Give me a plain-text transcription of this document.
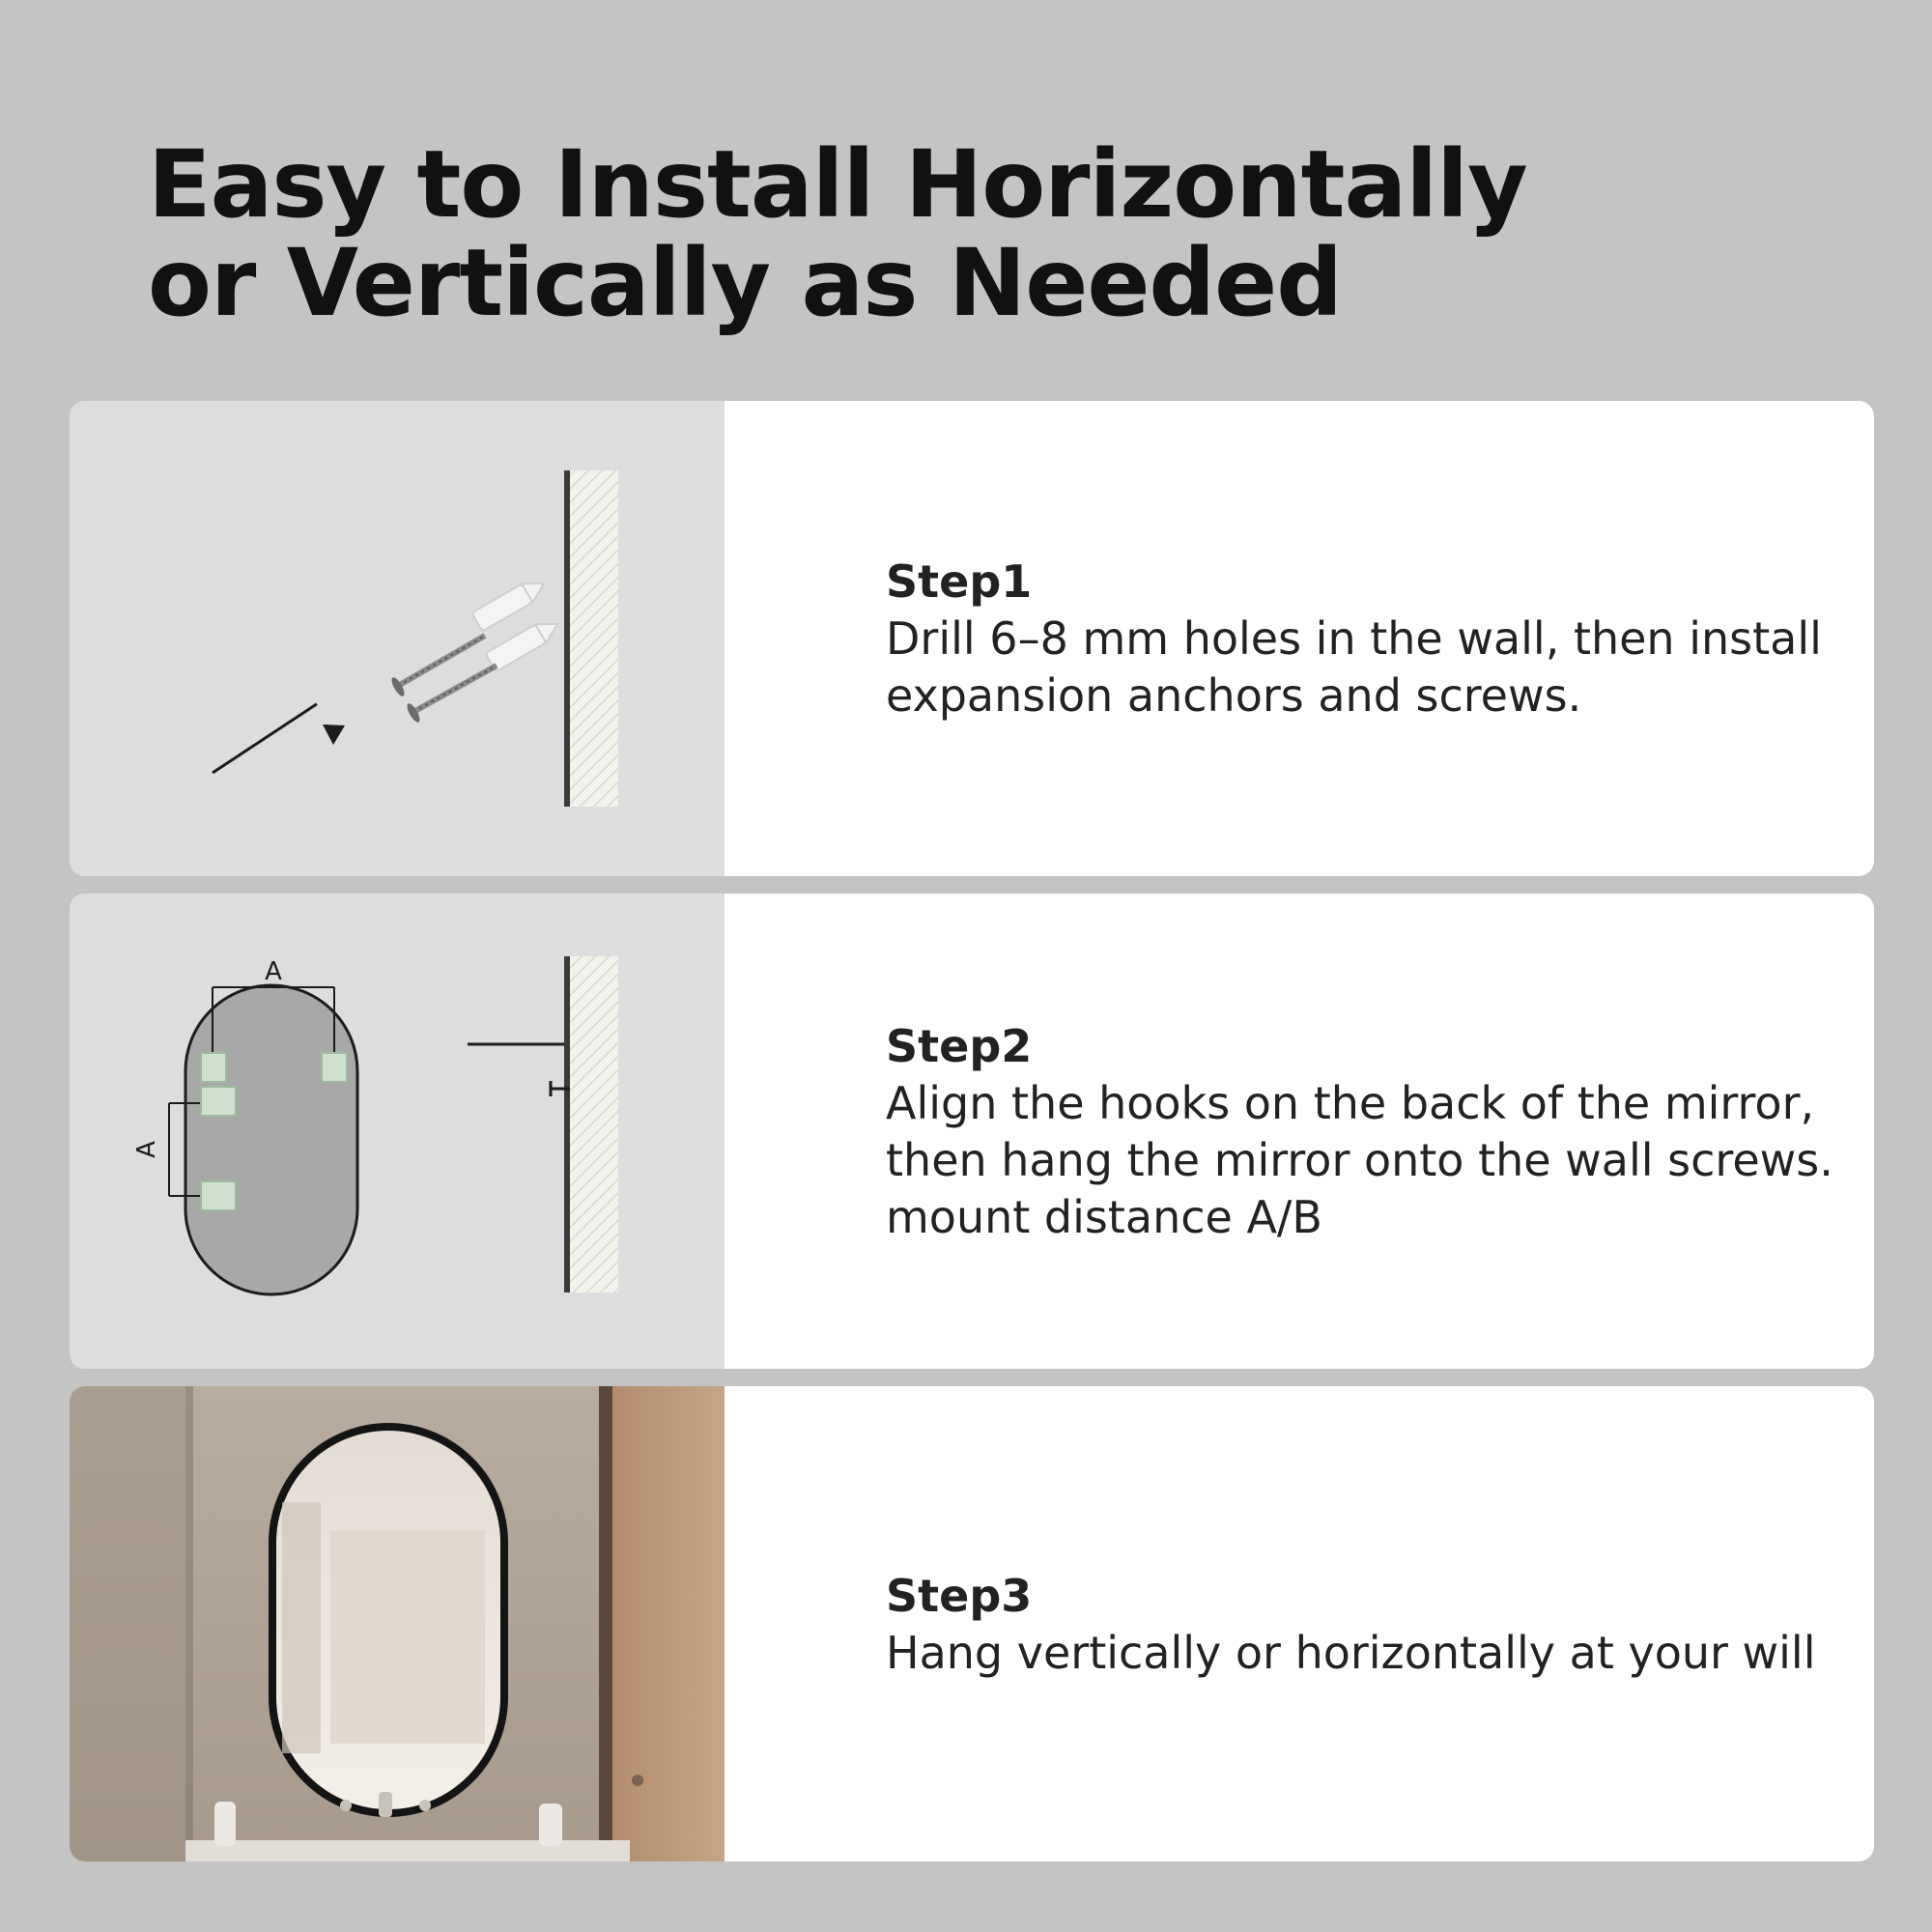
Easy to Install Horizontally
or Vertically as Needed
Step1
Drill 6–8 mm holes in the wall, then install
expansion anchors and screws.
A
A
Step2
Align the hooks on the back of the mirror,
then hang the mirror onto the wall screws.
mount distance A/B
Step3
Hang vertically or horizontally at your will
